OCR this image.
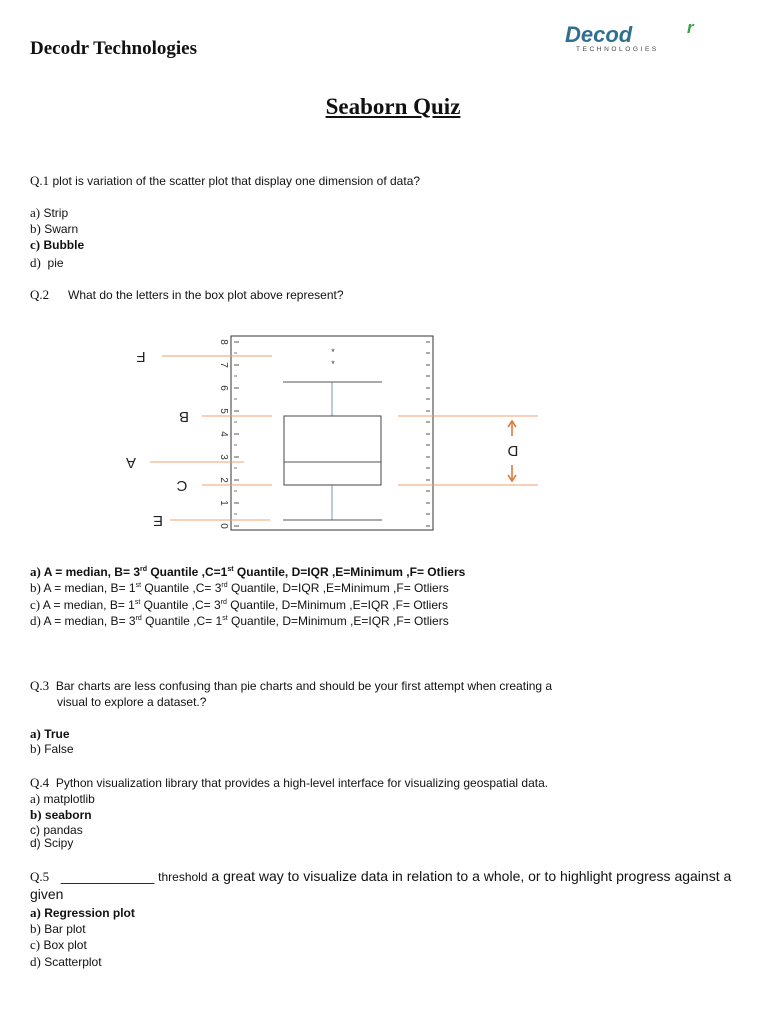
Decodr Technologies
Decod	r
TECHNOLOGIES
Seaborn Quiz
Q.1 plot is variation of the scatter plot that display one dimension of data?
a) Strip
b) Swarn
c) Bubble
d) pie
Q.2 What do the letters in the box plot above represent?
8
7
6
5
4
3
2
1
0
*
*
F
B
A
C
E
D
a) A = median, B= 3rd Quantile ,C=1st Quantile, D=IQR ,E=Minimum ,F= Otliers
b) A = median, B= 1st Quantile ,C= 3rd Quantile, D=IQR ,E=Minimum ,F= Otliers
c) A = median, B= 1st Quantile ,C= 3rd Quantile, D=Minimum ,E=IQR ,F= Otliers
d) A = median, B= 3rd Quantile ,C= 1st Quantile, D=Minimum ,E=IQR ,F= Otliers
Q.3 Bar charts are less confusing than pie charts and should be your first attempt when creating a
visual to explore a dataset.?
a) True
b) False
Q.4 Python visualization library that provides a high-level interface for visualizing geospatial data.
a) matplotlib
b) seaborn
c) pandas
d) Scipy
Q.5 ____________ threshold a great way to visualize data in relation to a whole, or to highlight progress against a
given
a) Regression plot
b) Bar plot
c) Box plot
d) Scatterplot
